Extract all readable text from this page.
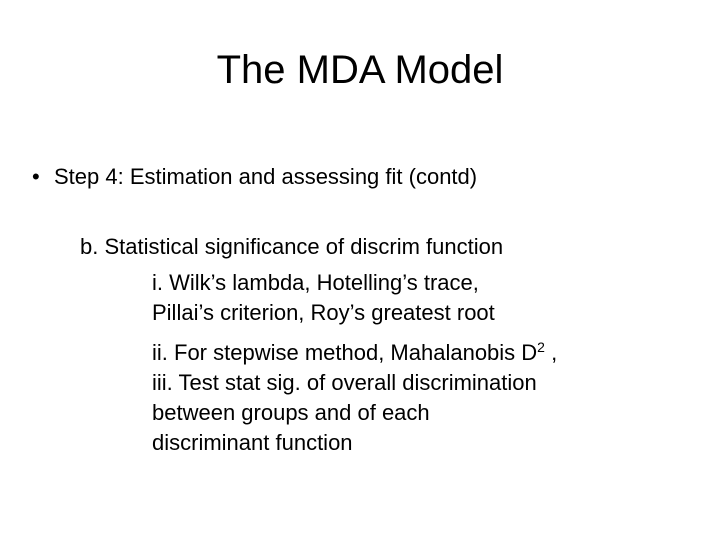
The MDA Model
• Step 4: Estimation and assessing fit (contd)
b. Statistical significance of discrim function
i. Wilk’s lambda, Hotelling’s trace,
Pillai’s criterion, Roy’s greatest root
ii. For stepwise method, Mahalanobis $D^2$ ,
iii. Test stat sig. of overall discrimination
between groups and of each
discriminant function
